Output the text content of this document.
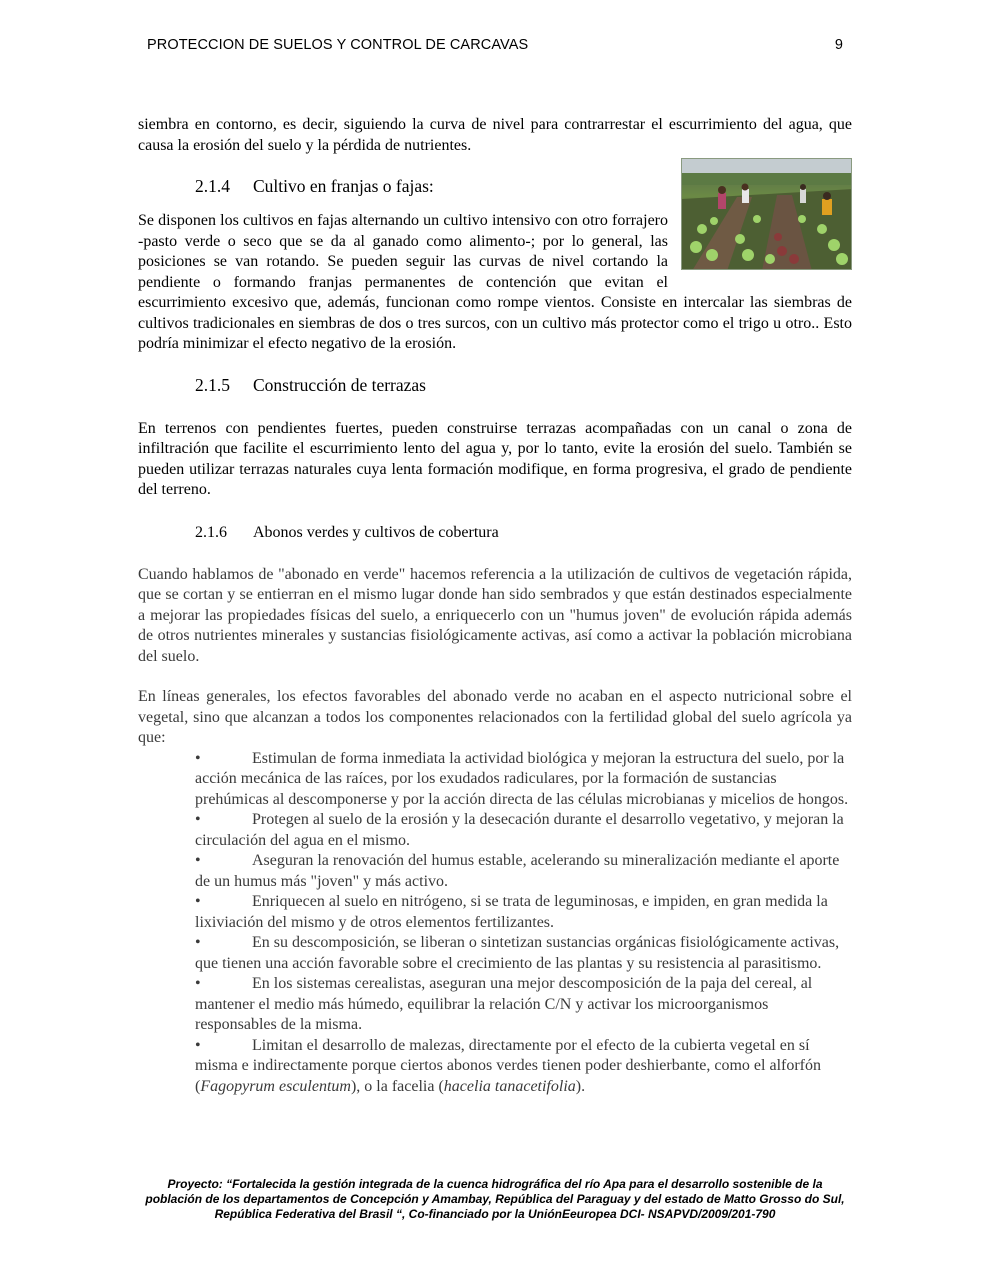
PROTECCION DE SUELOS Y CONTROL DE CARCAVAS	9

siembra en contorno, es decir, siguiendo la curva de nivel para contrarrestar el escurrimiento del agua, que causa la erosión del suelo y la pérdida de nutrientes.

2.1.4 Cultivo en franjas o fajas:

Se disponen los cultivos en fajas alternando un cultivo intensivo con otro forrajero -pasto verde o seco que se da al ganado como alimento-; por lo general, las posiciones se van rotando. Se pueden seguir las curvas de nivel cortando la pendiente o formando franjas permanentes de contención que evitan el escurrimiento excesivo que, además, funcionan como rompe vientos. Consiste en intercalar las siembras de cultivos tradicionales en siembras de dos o tres surcos, con un cultivo más protector como el trigo u otro.. Esto podría minimizar el efecto negativo de la erosión.

2.1.5 Construcción de terrazas

En terrenos con pendientes fuertes, pueden construirse terrazas acompañadas con un canal o zona de infiltración que facilite el escurrimiento lento del agua y, por lo tanto, evite la erosión del suelo. También se pueden utilizar terrazas naturales cuya lenta formación modifique, en forma progresiva, el grado de pendiente del terreno.

2.1.6 Abonos verdes y cultivos de cobertura

Cuando hablamos de "abonado en verde" hacemos referencia a la utilización de cultivos de vegetación rápida, que se cortan y se entierran en el mismo lugar donde han sido sembrados y que están destinados especialmente a mejorar las propiedades físicas del suelo, a enriquecerlo con un "humus joven" de evolución rápida además de otros nutrientes minerales y sustancias fisiológicamente activas, así como a activar la población microbiana del suelo.

En líneas generales, los efectos favorables del abonado verde no acaban en el aspecto nutricional sobre el vegetal, sino que alcanzan a todos los componentes relacionados con la fertilidad global del suelo agrícola ya que:

•	Estimulan de forma inmediata la actividad biológica y mejoran la estructura del suelo, por la acción mecánica de las raíces, por los exudados radiculares, por la formación de sustancias prehúmicas al descomponerse y por la acción directa de las células microbianas y micelios de hongos.
•	Protegen al suelo de la erosión y la desecación durante el desarrollo vegetativo, y mejoran la circulación del agua en el mismo.
•	Aseguran la renovación del humus estable, acelerando su mineralización mediante el aporte de un humus más "joven" y más activo.
•	Enriquecen al suelo en nitrógeno, si se trata de leguminosas, e impiden, en gran medida la lixiviación del mismo y de otros elementos fertilizantes.
•	En su descomposición, se liberan o sintetizan sustancias orgánicas fisiológicamente activas, que tienen una acción favorable sobre el crecimiento de las plantas y su resistencia al parasitismo.
•	En los sistemas cerealistas, aseguran una mejor descomposición de la paja del cereal, al mantener el medio más húmedo, equilibrar la relación C/N y activar los microorganismos responsables de la misma.
•	Limitan el desarrollo de malezas, directamente por el efecto de la cubierta vegetal en sí misma e indirectamente porque ciertos abonos verdes tienen poder deshierbante, como el alforfón (Fagopyrum esculentum), o la facelia (hacelia tanacetifolia).
Proyecto: “Fortalecida la gestión integrada de la cuenca hidrográfica del río Apa para el desarrollo sostenible de la población de los departamentos de Concepción y Amambay, República del Paraguay y del estado de Matto Grosso do Sul, República Federativa del Brasil “, Co-financiado por la UniónEeuropea DCI- NSAPVD/2009/201-790
